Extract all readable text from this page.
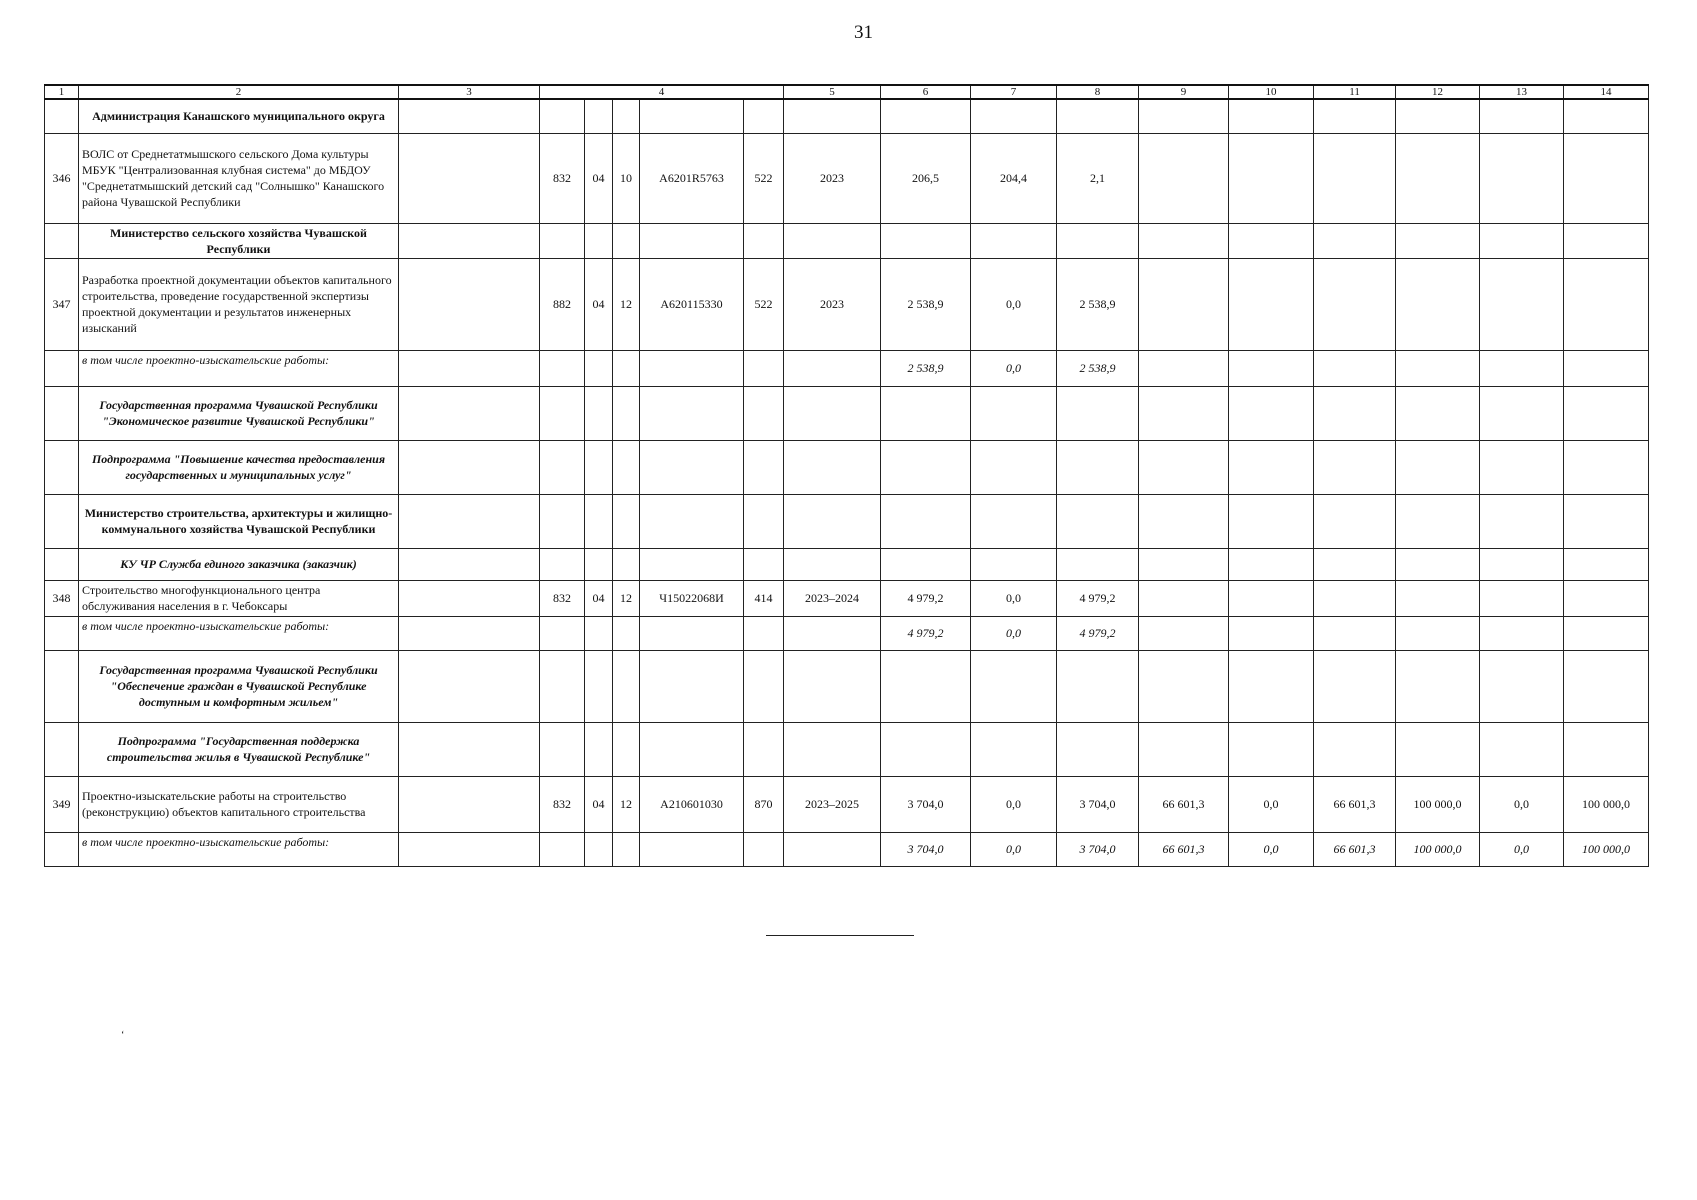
31
1	2	3	4					5	6	7	8	9	10	11	12	13	14
	Администрация Канашского муниципального округа																
346	ВОЛС от Среднетатмышского сельского Дома культуры МБУК "Централизованная клубная система" до МБДОУ "Среднетатмышский детский сад "Солнышко" Канашского района Чувашской Республики		832	04	10	А6201R5763	522	2023	206,5	204,4	2,1						
	Министерство сельского хозяйства Чувашской Республики																
347	Разработка проектной документации объектов капитального строительства, проведение государственной экспертизы проектной документации и результатов инженерных изысканий		882	04	12	А620115330	522	2023	2 538,9	0,0	2 538,9						
	в том числе проектно-изыскательские работы:								2 538,9	0,0	2 538,9						
	Государственная программа Чувашской Республики "Экономическое развитие Чувашской Республики"																
	Подпрограмма "Повышение качества предоставления государственных и муниципальных услуг"																
	Министерство строительства, архитектуры и жилищно-коммунального хозяйства Чувашской Республики																
	КУ ЧР Служба единого заказчика (заказчик)																
348	Строительство многофункционального центра обслуживания населения в г. Чебоксары		832	04	12	Ч15022068И	414	2023–2024	4 979,2	0,0	4 979,2						
	в том числе проектно-изыскательские работы:								4 979,2	0,0	4 979,2						
	Государственная программа Чувашской Республики "Обеспечение граждан в Чувашской Республике доступным и комфортным жильем"																
	Подпрограмма "Государственная поддержка строительства жилья в Чувашской Республике"																
349	Проектно-изыскательские работы на строительство (реконструкцию) объектов капитального строительства		832	04	12	А210601030	870	2023–2025	3 704,0	0,0	3 704,0	66 601,3	0,0	66 601,3	100 000,0	0,0	100 000,0
	в том числе проектно-изыскательские работы:								3 704,0	0,0	3 704,0	66 601,3	0,0	66 601,3	100 000,0	0,0	100 000,0
‘
